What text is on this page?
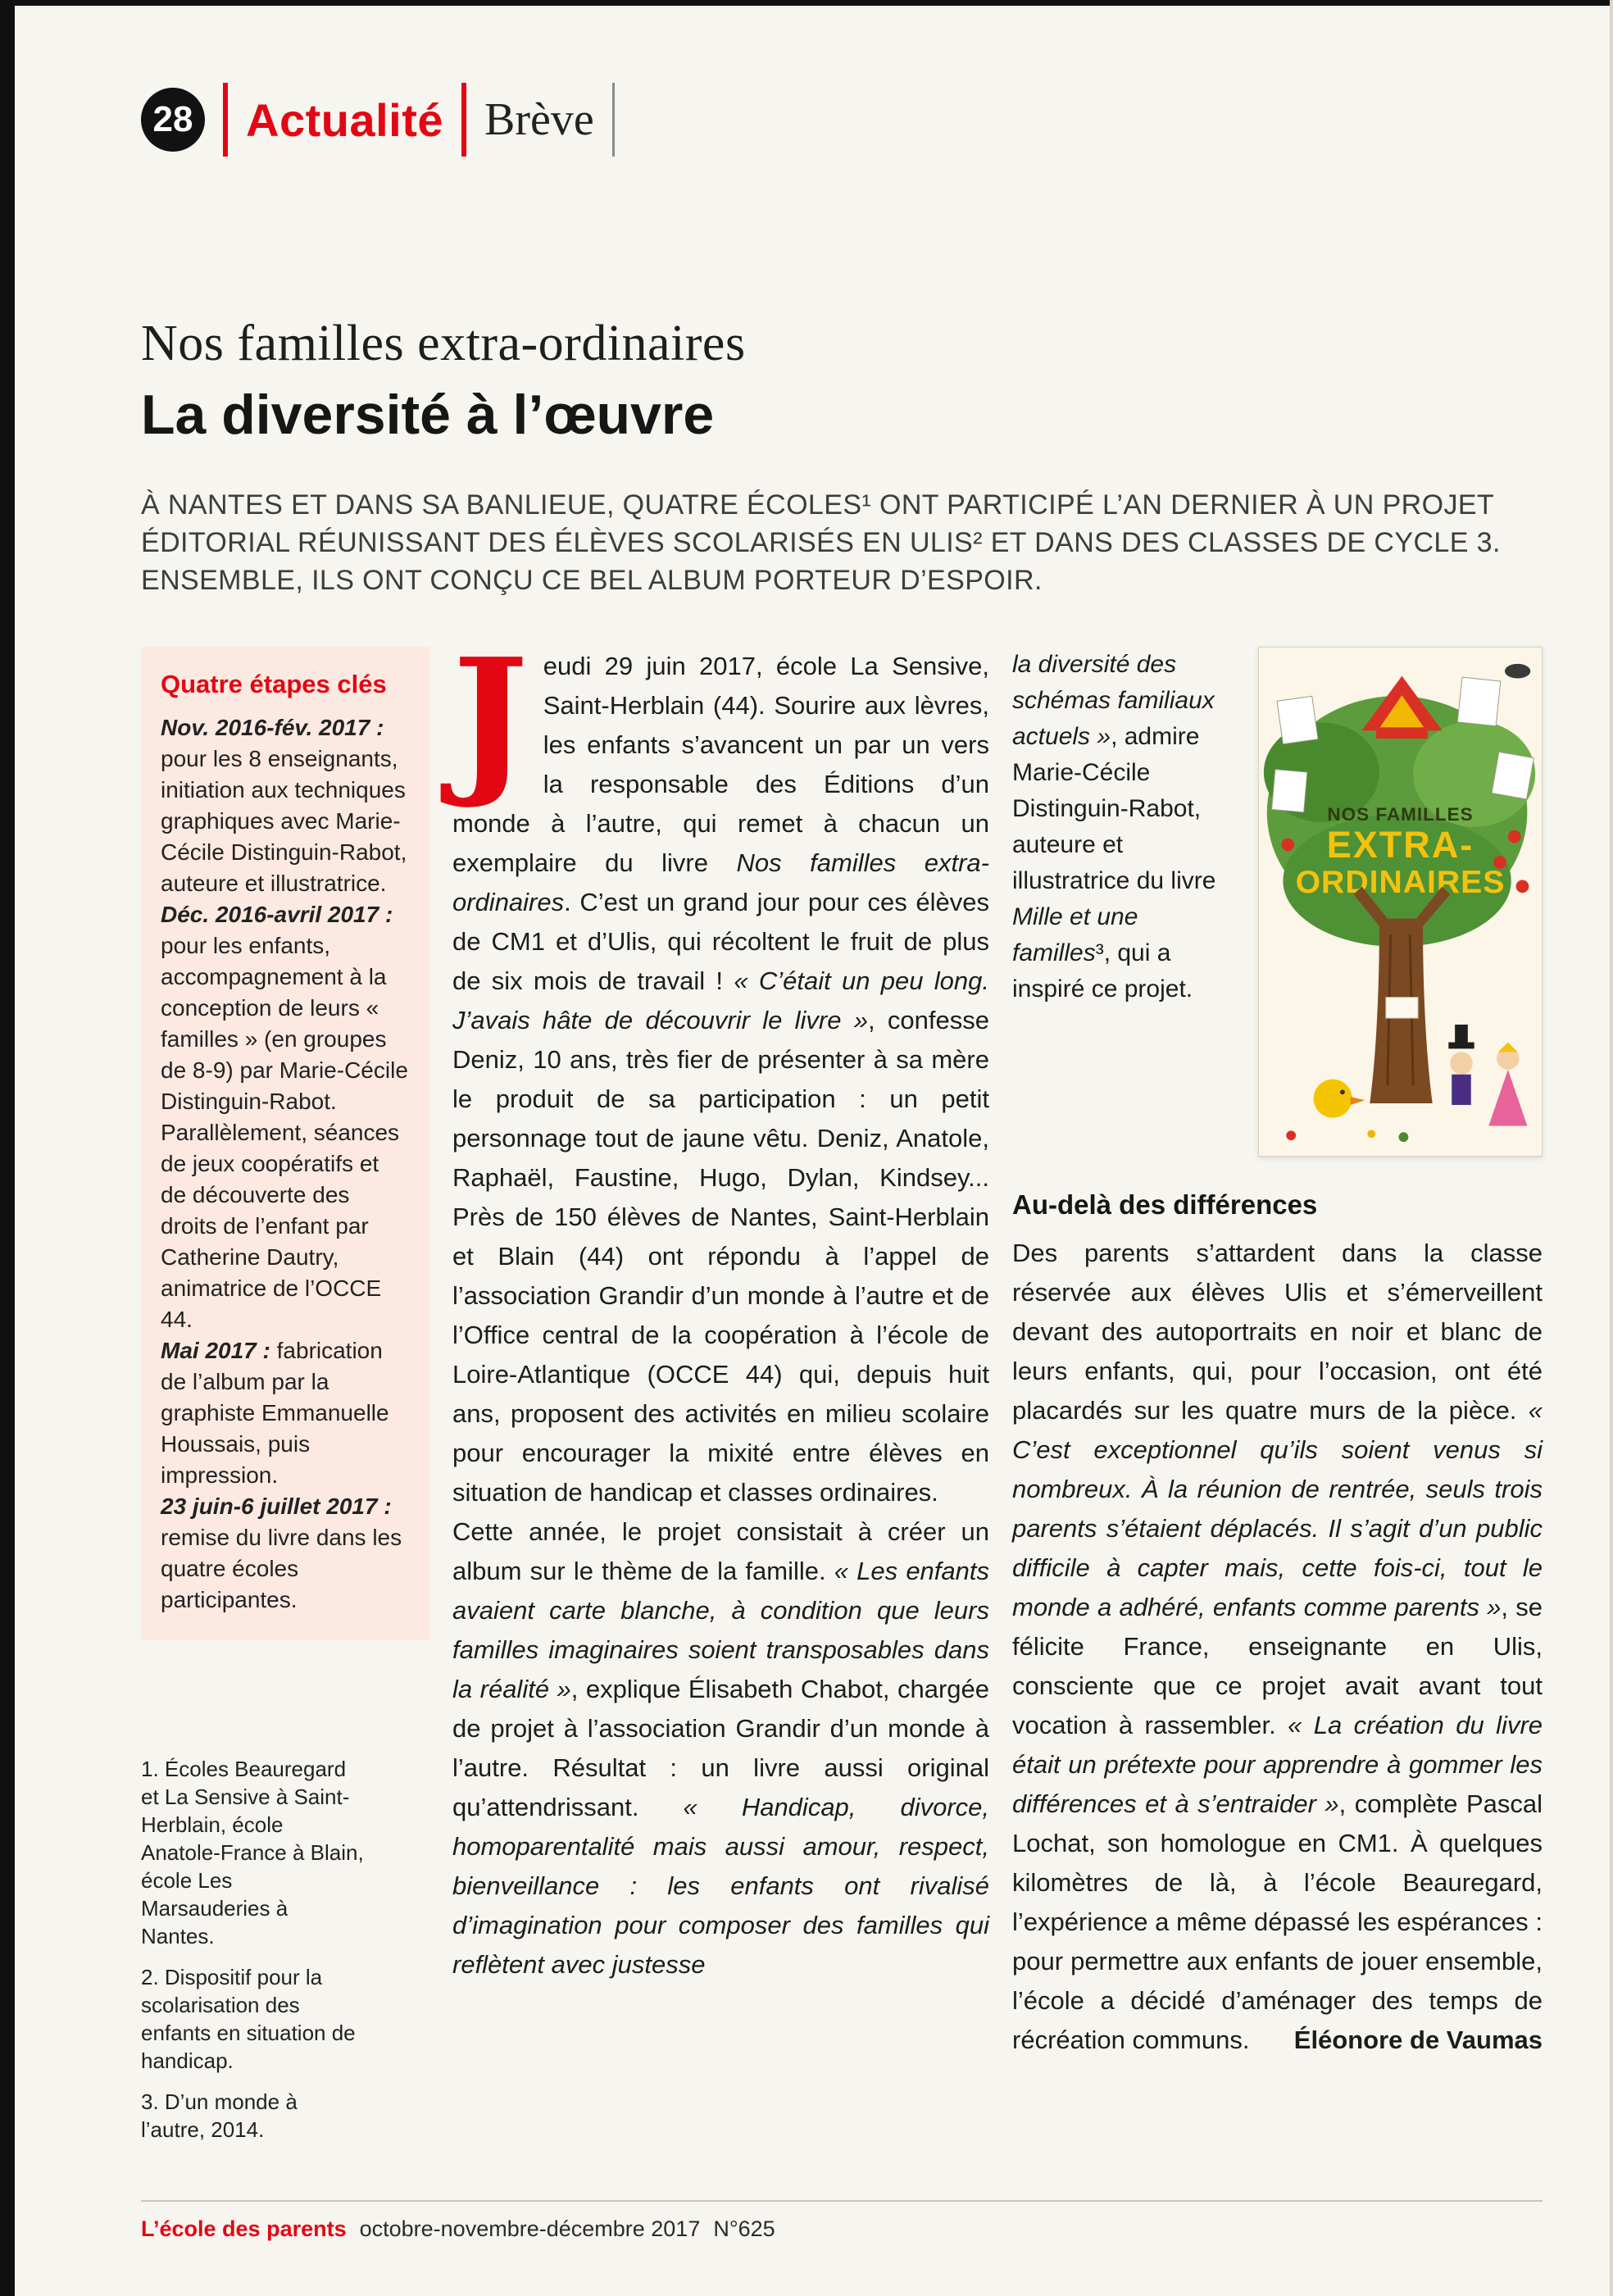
28 Actualité Brève
Nos familles extra-ordinaires
La diversité à l’œuvre

À NANTES ET DANS SA BANLIEUE, QUATRE ÉCOLES¹ ONT PARTICIPÉ L’AN DERNIER À UN PROJET ÉDITORIAL RÉUNISSANT DES ÉLÈVES SCOLARISÉS EN ULIS² ET DANS DES CLASSES DE CYCLE 3. ENSEMBLE, ILS ONT CONÇU CE BEL ALBUM PORTEUR D’ESPOIR.

Quatre étapes clés
Nov. 2016-fév. 2017 : pour les 8 enseignants, initiation aux techniques graphiques avec Marie-Cécile Distinguin-Rabot, auteure et illustratrice.
Déc. 2016-avril 2017 : pour les enfants, accompagnement à la conception de leurs « familles » (en groupes de 8-9) par Marie-Cécile Distinguin-Rabot. Parallèlement, séances de jeux coopératifs et de découverte des droits de l’enfant par Catherine Dautry, animatrice de l’OCCE 44.
Mai 2017 : fabrication de l’album par la graphiste Emmanuelle Houssais, puis impression.
23 juin-6 juillet 2017 : remise du livre dans les quatre écoles participantes.
1. Écoles Beauregard et La Sensive à Saint-Herblain, école Anatole-France à Blain, école Les Marsauderies à Nantes.
2. Dispositif pour la scolarisation des enfants en situation de handicap.
3. D’un monde à l’autre, 2014.

Jeudi 29 juin 2017, école La Sensive, Saint-Herblain (44). Sourire aux lèvres, les enfants s’avancent un par un vers la responsable des Éditions d’un monde à l’autre, qui remet à chacun un exemplaire du livre Nos familles extra-ordinaires. C’est un grand jour pour ces élèves de CM1 et d’Ulis, qui récoltent le fruit de plus de six mois de travail ! « C’était un peu long. J’avais hâte de découvrir le livre », confesse Deniz, 10 ans, très fier de présenter à sa mère le produit de sa participation : un petit personnage tout de jaune vêtu. Deniz, Anatole, Raphaël, Faustine, Hugo, Dylan, Kindsey... Près de 150 élèves de Nantes, Saint-Herblain et Blain (44) ont répondu à l’appel de l’association Grandir d’un monde à l’autre et de l’Office central de la coopération à l’école de Loire-Atlantique (OCCE 44) qui, depuis huit ans, proposent des activités en milieu scolaire pour encourager la mixité entre élèves en situation de handicap et classes ordinaires.

Cette année, le projet consistait à créer un album sur le thème de la famille. « Les enfants avaient carte blanche, à condition que leurs familles imaginaires soient transposables dans la réalité », explique Élisabeth Chabot, chargée de projet à l’association Grandir d’un monde à l’autre. Résultat : un livre aussi original qu’attendrissant. « Handicap, divorce, homoparentalité mais aussi amour, respect, bienveillance : les enfants ont rivalisé d’imagination pour composer des familles qui reflètent avec justesse

la diversité des schémas familiaux actuels », admire Marie-Cécile Distinguin-Rabot, auteure et illustratrice du livre Mille et une familles³, qui a inspiré ce projet.
NOS FAMILLES
EXTRA-
ORDINAIRES
Au-delà des différences

Des parents s’attardent dans la classe réservée aux élèves Ulis et s’émerveillent devant des autoportraits en noir et blanc de leurs enfants, qui, pour l’occasion, ont été placardés sur les quatre murs de la pièce. « C’est exceptionnel qu’ils soient venus si nombreux. À la réunion de rentrée, seuls trois parents s’étaient déplacés. Il s’agit d’un public difficile à capter mais, cette fois-ci, tout le monde a adhéré, enfants comme parents », se félicite France, enseignante en Ulis, consciente que ce projet avait avant tout vocation à rassembler. « La création du livre était un prétexte pour apprendre à gommer les différences et à s’entraider », complète Pascal Lochat, son homologue en CM1. À quelques kilomètres de là, à l’école Beauregard, l’expérience a même dépassé les espérances : pour permettre aux enfants de jouer ensemble, l’école a décidé d’aménager des temps de récréation communs. Éléonore de Vaumas

L’école des parents octobre-novembre-décembre 2017 N°625
